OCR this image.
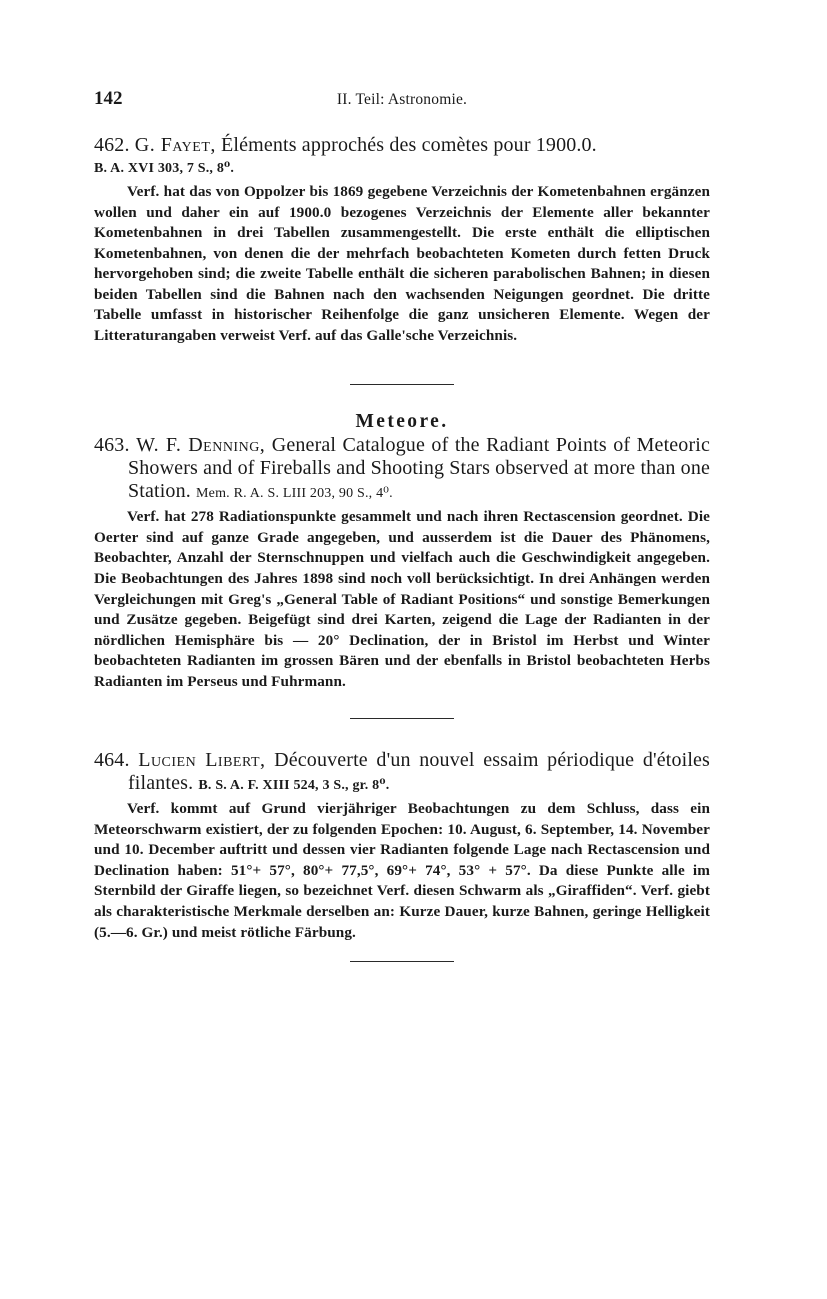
142	II. Teil: Astronomie.
462. G. Fayet, Éléments approchés des comètes pour 1900.0.
B. A. XVI 303, 7 S., 8⁰.

Verf. hat das von Oppolzer bis 1869 gegebene Verzeichnis der Kometenbahnen ergänzen wollen und daher ein auf 1900.0 bezogenes Verzeichnis der Elemente aller bekannter Kometenbahnen in drei Tabellen zusammengestellt. Die erste enthält die elliptischen Kometenbahnen, von denen die der mehrfach beobachteten Kometen durch fetten Druck hervorgehoben sind; die zweite Tabelle enthält die sicheren parabolischen Bahnen; in diesen beiden Tabellen sind die Bahnen nach den wachsenden Neigungen geordnet. Die dritte Tabelle umfasst in historischer Reihenfolge die ganz unsicheren Elemente. Wegen der Litteraturangaben verweist Verf. auf das Galle'sche Verzeichnis.

Meteore.
463. W. F. Denning, General Catalogue of the Radiant Points of Meteoric Showers and of Fireballs and Shooting Stars observed at more than one Station. Mem. R. A. S. LIII 203, 90 S., 4⁰.

Verf. hat 278 Radiationspunkte gesammelt und nach ihren Rectascension geordnet. Die Oerter sind auf ganze Grade angegeben, und ausserdem ist die Dauer des Phänomens, Beobachter, Anzahl der Sternschnuppen und vielfach auch die Geschwindigkeit angegeben. Die Beobachtungen des Jahres 1898 sind noch voll berücksichtigt. In drei Anhängen werden Vergleichungen mit Greg's „General Table of Radiant Positions“ und sonstige Bemerkungen und Zusätze gegeben. Beigefügt sind drei Karten, zeigend die Lage der Radianten in der nördlichen Hemisphäre bis — 20° Declination, der in Bristol im Herbst und Winter beobachteten Radianten im grossen Bären und der ebenfalls in Bristol beobachteten Herbs Radianten im Perseus und Fuhrmann.

464. Lucien Libert, Découverte d'un nouvel essaim périodique d'étoiles filantes. B. S. A. F. XIII 524, 3 S., gr. 8⁰.

Verf. kommt auf Grund vierjähriger Beobachtungen zu dem Schluss, dass ein Meteorschwarm existiert, der zu folgenden Epochen: 10. August, 6. September, 14. November und 10. December auftritt und dessen vier Radianten folgende Lage nach Rectascension und Declination haben: 51°+ 57°, 80°+ 77,5°, 69°+ 74°, 53° + 57°. Da diese Punkte alle im Sternbild der Giraffe liegen, so bezeichnet Verf. diesen Schwarm als „Giraffiden“. Verf. giebt als charakteristische Merkmale derselben an: Kurze Dauer, kurze Bahnen, geringe Helligkeit (5.—6. Gr.) und meist rötliche Färbung.
